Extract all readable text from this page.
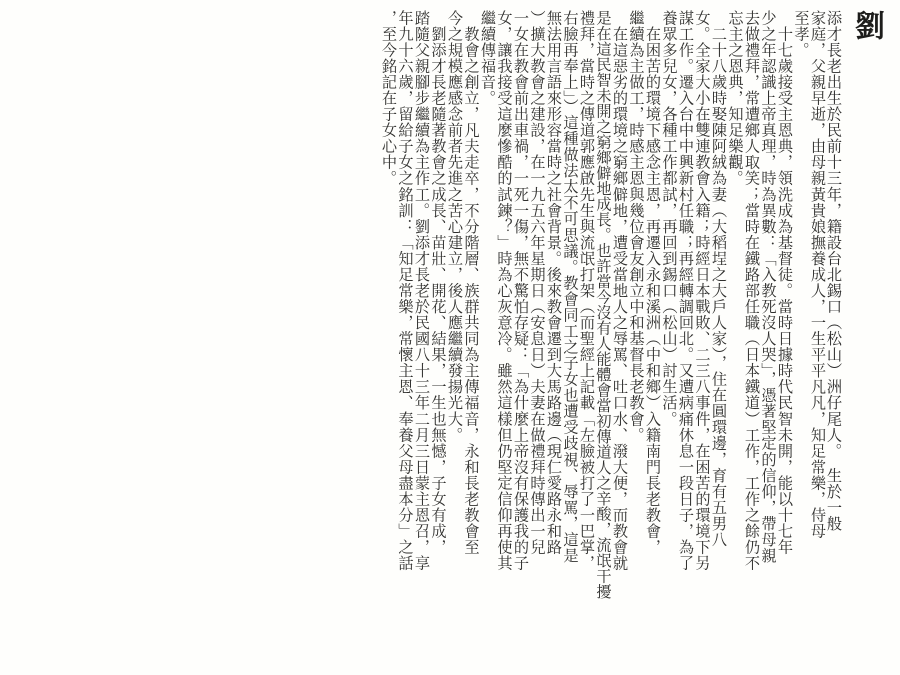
劉
添才長老出生於民前十三年，籍設台北錫口（松山）洲仔尾人。　生於一般
家庭，父親早逝，由母親黃貴娘撫養成人，一生平平凡凡，知足常樂，侍母
至孝。
　十七歲接受主恩典，領洗成為基督徒。當時日據時代民智未開，能以十七年
少之年認識上帝真理，時為異數：「入教死沒人哭」，憑著堅定的信仰，帶母親
去做禮拜，常遭鄉人取笑；當時在鐵路部任職（日本鐵道）工作，工作之餘仍不
忘主之恩典，知足樂觀。
　二十八歲時娶陳阿絨為妻（大稻埕之大戶人家），住在圓環邊，育有五男八
女。全家大小在雙連教會入籍；時經日本戰敗、二三八事件，在困苦的環境下另
謀工作。遷入台中中興新村任職；再經轉調回北。又遭病痛休息一段日子，為了
養眾多兒女，各種工作都試，再回到錫口（松山）討生活。
　在困苦的環境下感念主恩，再遷入永和溪洲（中和鄉）入籍南門長老教會，
繼續為主做工，時感主恩與幾位會友創立中和基督長老教會。
　在這惡劣的環境之窮鄉僻地，遭受當地人之辱罵、吐口水、潑大便，而教會就
是在這民智未開之窮鄉僻地成長。也許當今沒有人能體會當初傳道人之辛酸，流氓干擾
禮拜，當時之傳道郭應啟先生與流氓打架（而聖經上記載「左臉被打了一巴掌，
右臉再奉上」）這種做法太不可思議。教會同工之子女也遭受歧視、辱罵，這是
無法用言語來形容當時之社會背景。後來教會遷到大馬路邊（現仁愛路永和路
）擴大教會之建設，在一九五六年星期日（安息日）夫妻在做禮拜時傳出一兒
一女在教會前出車禍，一死一傷，無不驚怕存疑：「為什麼上帝沒有保護我的子
女，讓我接受這麼慘酷的試鍊？」時為心灰意冷。雖然這樣但仍堅定信仰再使其
繼續傳福音。
　教會之創立，凡夫走卒，不分階層、族群共同為主傳福音，永和長老教會至
今之規模應感念前者先進之苦心建立，後人應繼續發揚光大。
　劉添才長老隨著教會之成長、苗壯、開花、結果，一生也無憾，子女有成，
踏隨父親腳步繼續為主作工。劉添才長老於民國八十三年二月三日蒙主恩召，享
年九十六歲，留給子女之銘訓：「知足常樂，常懷主恩、奉養父母盡本分」之話
，至今銘記在子女心中。
